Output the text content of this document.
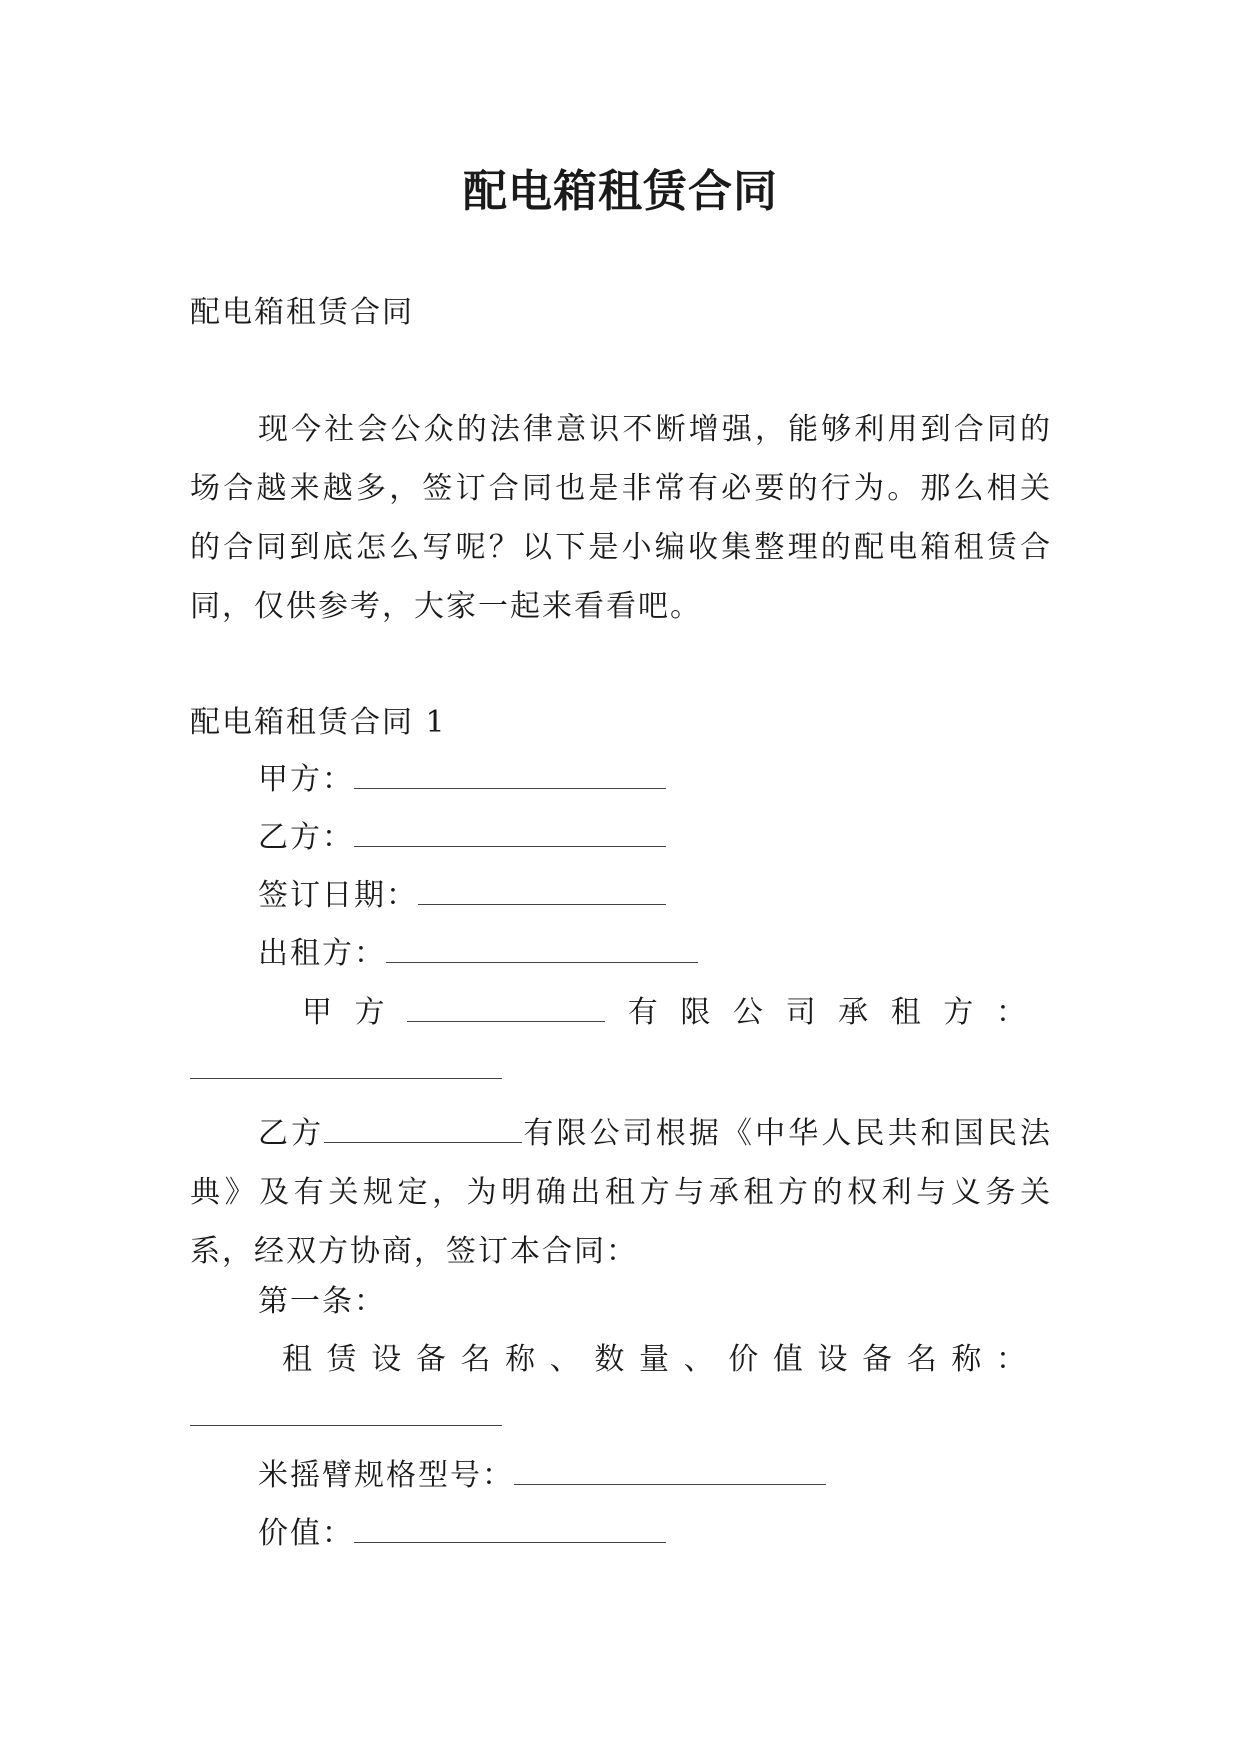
配电箱租赁合同
配电箱租赁合同

现今社会公众的法律意识不断增强，能够利用到合同的场合越来越多，签订合同也是非常有必要的行为。那么相关的合同到底怎么写呢？以下是小编收集整理的配电箱租赁合同，仅供参考，大家一起来看看吧。

配电箱租赁合同 1
甲方：
乙方：
签订日期：
出租方：
甲 方	有 限 公 司 承 租 方 ：

乙方	有限公司根据《中华人民共和国民法典》及有关规定，为明确出租方与承租方的权利与义务关系，经双方协商，签订本合同：

第一条：
租 赁 设 备 名 称 、 数 量 、 价 值 设 备 名 称 ：
米摇臂规格型号：
价值：
